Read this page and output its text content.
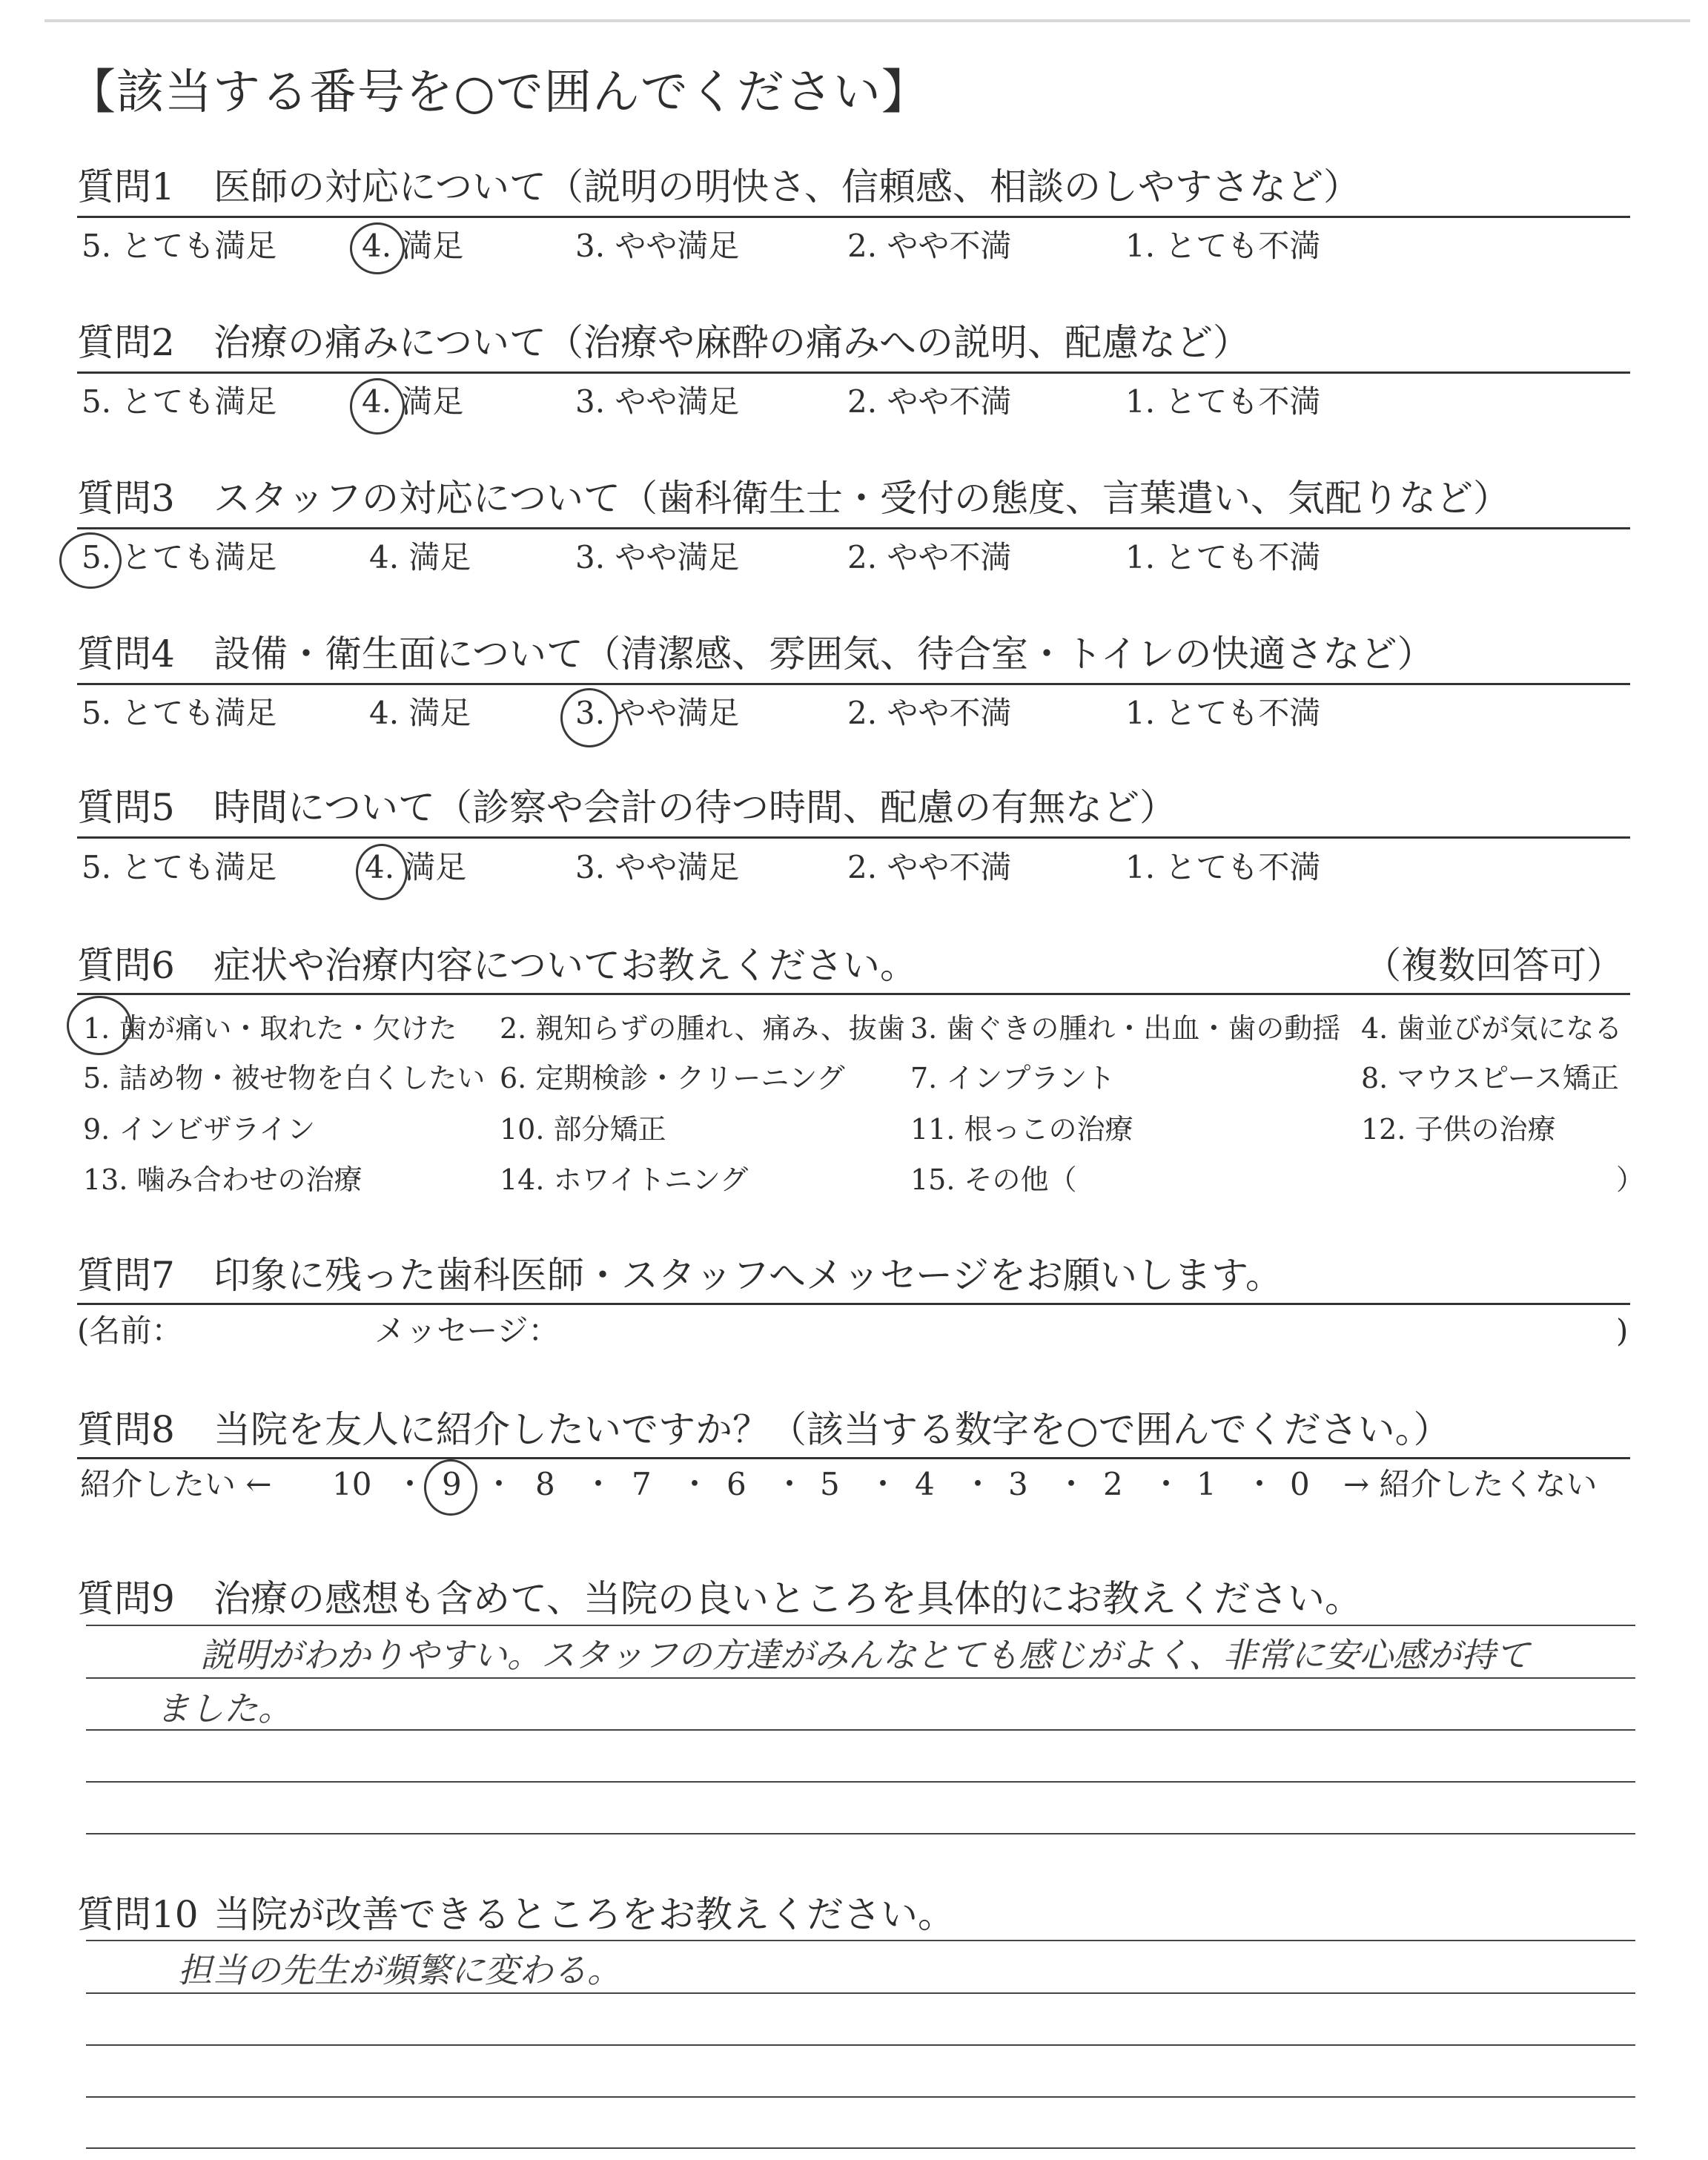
【該当する番号を○で囲んでください】
質問1 医師の対応について（説明の明快さ、信頼感、相談のしやすさなど）
5. とても満足	4. 満足	3. やや満足	2. やや不満	1. とても不満
質問2 治療の痛みについて（治療や麻酔の痛みへの説明、配慮など）
5. とても満足	4. 満足	3. やや満足	2. やや不満	1. とても不満
質問3 スタッフの対応について（歯科衛生士・受付の態度、言葉遣い、気配りなど）
5. とても満足	4. 満足	3. やや満足	2. やや不満	1. とても不満
質問4 設備・衛生面について（清潔感、雰囲気、待合室・トイレの快適さなど）
5. とても満足	4. 満足	3. やや満足	2. やや不満	1. とても不満
質問5 時間について（診察や会計の待つ時間、配慮の有無など）
5. とても満足	4. 満足	3. やや満足	2. やや不満	1. とても不満
質問6 症状や治療内容についてお教えください。	（複数回答可）
1. 歯が痛い・取れた・欠けた 2. 親知らずの腫れ、痛み、抜歯 3. 歯ぐきの腫れ・出血・歯の動揺 4. 歯並びが気になる
5. 詰め物・被せ物を白くしたい 6. 定期検診・クリーニング 7. インプラント	8. マウスピース矯正
9. インビザライン	10. 部分矯正	11. 根っこの治療	12. 子供の治療
13. 噛み合わせの治療	14. ホワイトニング	15. その他（	）
質問7 印象に残った歯科医師・スタッフへメッセージをお願いします。
(名前：	メッセージ：	)
質問8 当院を友人に紹介したいですか？（該当する数字を○で囲んでください。）
紹介したい ← 10 ・ 9 ・ 8 ・ 7 ・ 6 ・ 5 ・ 4 ・ 3 ・ 2 ・ 1 ・ 0 → 紹介したくない
質問9 治療の感想も含めて、当院の良いところを具体的にお教えください。
説明がわかりやすい。スタッフの方達がみんなとても感じがよく、非常に安心感が持て
ました。
質問10 当院が改善できるところをお教えください。
担当の先生が頻繁に変わる。
